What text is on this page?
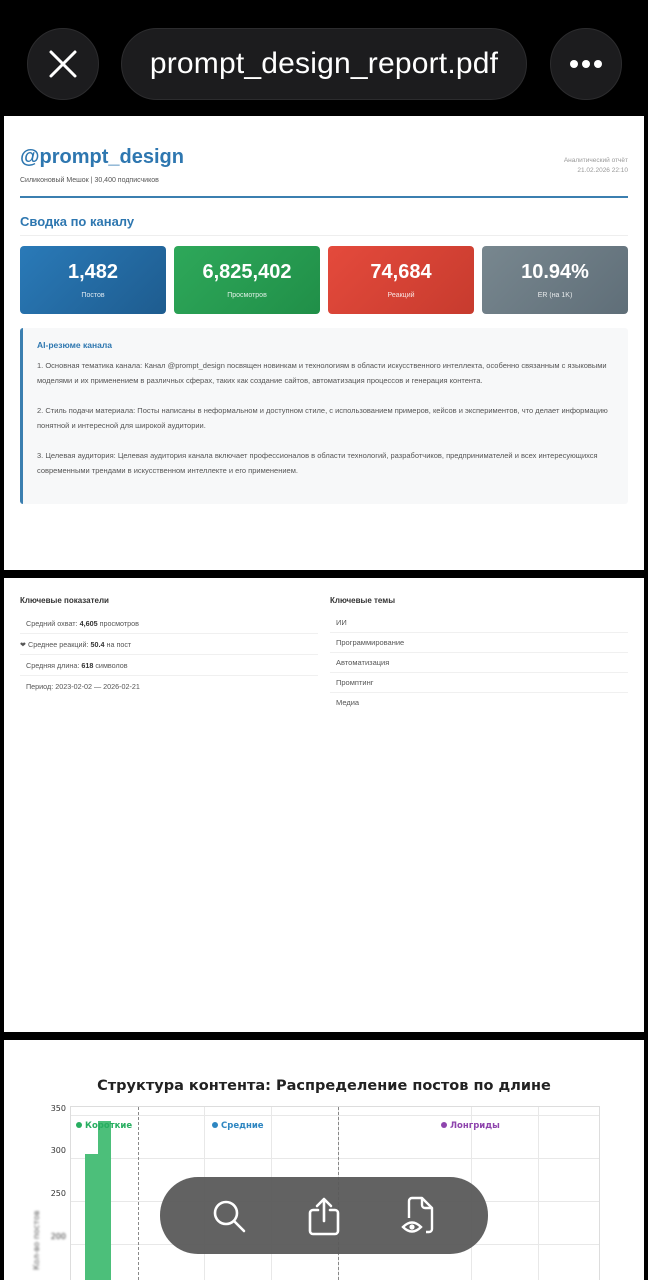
prompt_design_report.pdf
@prompt_design
Силиконовый Мешок | 30,400 подписчиков
Аналитический отчёт
21.02.2026 22:10
Сводка по каналу
1,482
Постов
6,825,402
Просмотров
74,684
Реакций
10.94%
ER (на 1K)
AI-резюме канала

1. Основная тематика канала: Канал @prompt_design посвящен новинкам и технологиям в области искусственного интеллекта, особенно связанным с языковыми моделями и их применением в различных сферах, таких как создание сайтов, автоматизация процессов и генерация контента.

2. Стиль подачи материала: Посты написаны в неформальном и доступном стиле, с использованием примеров, кейсов и экспериментов, что делает информацию понятной и интересной для широкой аудитории.

3. Целевая аудитория: Целевая аудитория канала включает профессионалов в области технологий, разработчиков, предпринимателей и всех интересующихся современными трендами в искусственном интеллекте и его применением.

Ключевые показатели
Средний охват: 4,605 просмотров
❤ Среднее реакций: 50.4 на пост
Средняя длина: 618 символов
Период: 2023-02-02 — 2026-02-21
Ключевые темы
ИИ
Программирование
Автоматизация
Промптинг
Медиа
Структура контента: Распределение постов по длине
350
300
250
200
Кол-во постов
Короткие	Средние	Лонгриды
